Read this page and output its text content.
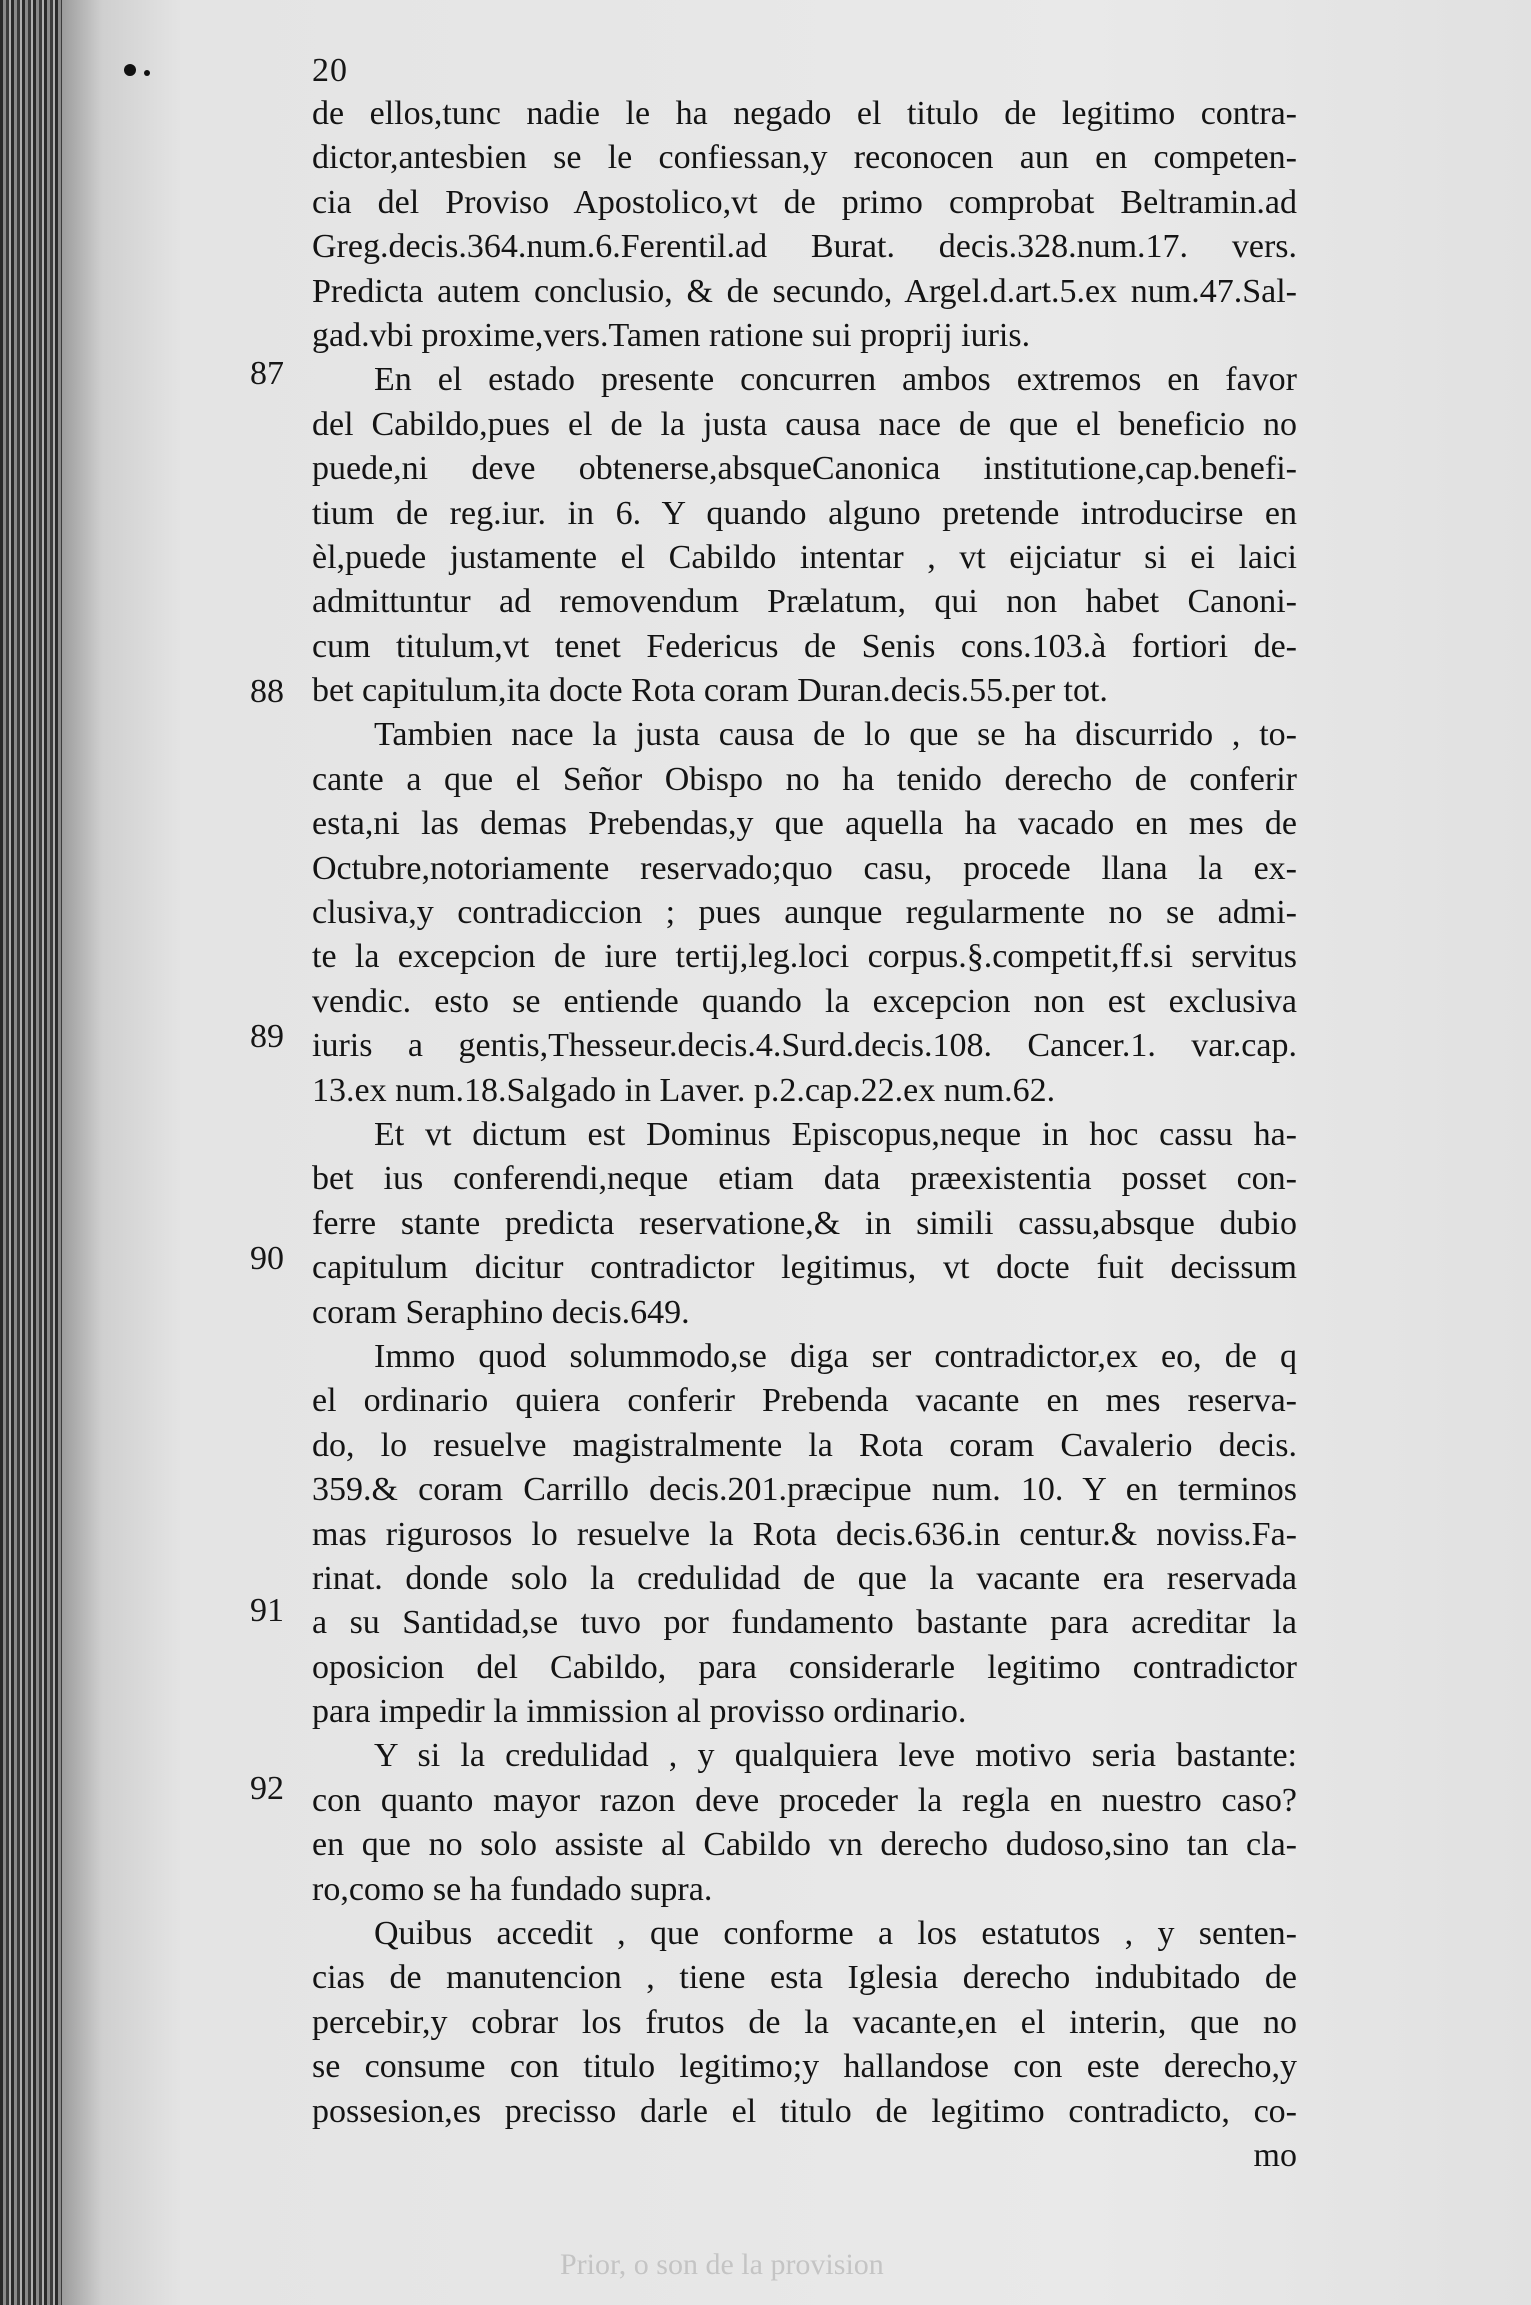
20
87
88
89
90
91
92
de ellos,tunc nadie le ha negado el titulo de legitimo contra-
dictor,antesbien se le confiessan,y reconocen aun en competen-
cia del Proviso Apostolico,vt de primo comprobat Beltramin.ad
Greg.decis.364.num.6.Ferentil.ad Burat. decis.328.num.17. vers.
Predicta autem conclusio, & de secundo, Argel.d.art.5.ex num.47.Sal-
gad.vbi proxime,vers.Tamen ratione sui proprij iuris.
En el estado presente concurren ambos extremos en favor
del Cabildo,pues el de la justa causa nace de que el beneficio no
puede,ni deve obtenerse,absqueCanonica institutione,cap.benefi-
tium de reg.iur. in 6. Y quando alguno pretende introducirse en
èl,puede justamente el Cabildo intentar , vt eijciatur si ei laici
admittuntur ad removendum Prælatum, qui non habet Canoni-
cum titulum,vt tenet Federicus de Senis cons.103.à fortiori de-
bet capitulum,ita docte Rota coram Duran.decis.55.per tot.
Tambien nace la justa causa de lo que se ha discurrido , to-
cante a que el Señor Obispo no ha tenido derecho de conferir
esta,ni las demas Prebendas,y que aquella ha vacado en mes de
Octubre,notoriamente reservado;quo casu, procede llana la ex-
clusiva,y contradiccion ; pues aunque regularmente no se admi-
te la excepcion de iure tertij,leg.loci corpus.§.competit,ff.si servitus
vendic. esto se entiende quando la excepcion non est exclusiva
iuris a gentis,Thesseur.decis.4.Surd.decis.108. Cancer.1. var.cap.
13.ex num.18.Salgado in Laver. p.2.cap.22.ex num.62.
Et vt dictum est Dominus Episcopus,neque in hoc cassu ha-
bet ius conferendi,neque etiam data præexistentia posset con-
ferre stante predicta reservatione,& in simili cassu,absque dubio
capitulum dicitur contradictor legitimus, vt docte fuit decissum
coram Seraphino decis.649.
Immo quod solummodo,se diga ser contradictor,ex eo, de q
el ordinario quiera conferir Prebenda vacante en mes reserva-
do, lo resuelve magistralmente la Rota coram Cavalerio decis.
359.& coram Carrillo decis.201.præcipue num. 10. Y en terminos
mas rigurosos lo resuelve la Rota decis.636.in centur.& noviss.Fa-
rinat. donde solo la credulidad de que la vacante era reservada
a su Santidad,se tuvo por fundamento bastante para acreditar la
oposicion del Cabildo, para considerarle legitimo contradictor
para impedir la immission al provisso ordinario.
Y si la credulidad , y qualquiera leve motivo seria bastante:
con quanto mayor razon deve proceder la regla en nuestro caso?
en que no solo assiste al Cabildo vn derecho dudoso,sino tan cla-
ro,como se ha fundado supra.
Quibus accedit , que conforme a los estatutos , y senten-
cias de manutencion , tiene esta Iglesia derecho indubitado de
percebir,y cobrar los frutos de la vacante,en el interin, que no
se consume con titulo legitimo;y hallandose con este derecho,y
possesion,es precisso darle el titulo de legitimo contradicto, co-
mo
Prior, o son de la provision
